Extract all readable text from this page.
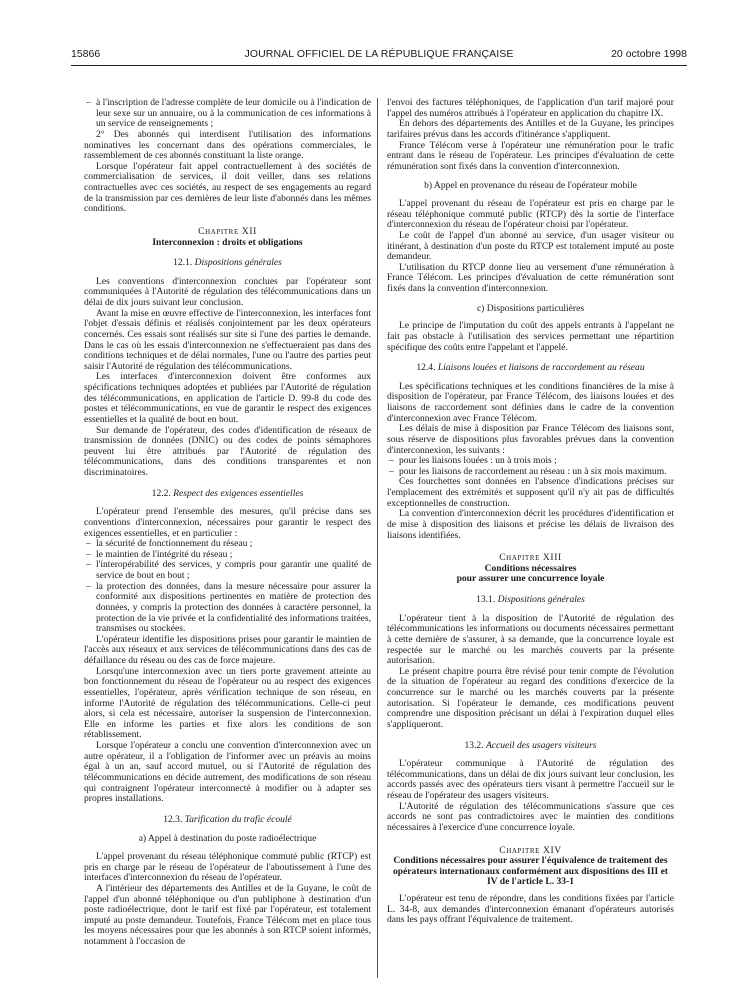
15866	JOURNAL OFFICIEL DE LA RÉPUBLIQUE FRANÇAISE	20 octobre 1998

– à l'inscription de l'adresse complète de leur domicile ou à l'indication de leur sexe sur un annuaire, ou à la communication de ces informations à un service de renseignements ;

2° Des abonnés qui interdisent l'utilisation des informations nominatives les concernant dans des opérations commerciales, le rassemblement de ces abonnés constituant la liste orange.

Lorsque l'opérateur fait appel contractuellement à des sociétés de commercialisation de services, il doit veiller, dans ses relations contractuelles avec ces sociétés, au respect de ses engagements au regard de la transmission par ces dernières de leur liste d'abonnés dans les mêmes conditions.

Chapitre XII

Interconnexion : droits et obligations

12.1. Dispositions générales

Les conventions d'interconnexion conclues par l'opérateur sont communiquées à l'Autorité de régulation des télécommunications dans un délai de dix jours suivant leur conclusion.

Avant la mise en œuvre effective de l'interconnexion, les interfaces font l'objet d'essais définis et réalisés conjointement par les deux opérateurs concernés. Ces essais sont réalisés sur site si l'une des parties le demande. Dans le cas où les essais d'interconnexion ne s'effectueraient pas dans des conditions techniques et de délai normales, l'une ou l'autre des parties peut saisir l'Autorité de régulation des télécommunications.

Les interfaces d'interconnexion doivent être conformes aux spécifications techniques adoptées et publiées par l'Autorité de régulation des télécommunications, en application de l'article D. 99-8 du code des postes et télécommunications, en vue de garantir le respect des exigences essentielles et la qualité de bout en bout.

Sur demande de l'opérateur, des codes d'identification de réseaux de transmission de données (DNIC) ou des codes de points sémaphores peuvent lui être attribués par l'Autorité de régulation des télécommunications, dans des conditions transparentes et non discriminatoires.

12.2. Respect des exigences essentielles

L'opérateur prend l'ensemble des mesures, qu'il précise dans ses conventions d'interconnexion, nécessaires pour garantir le respect des exigences essentielles, et en particulier :

– la sécurité de fonctionnement du réseau ;

– le maintien de l'intégrité du réseau ;

– l'interopérabilité des services, y compris pour garantir une qualité de service de bout en bout ;

– la protection des données, dans la mesure nécessaire pour assurer la conformité aux dispositions pertinentes en matière de protection des données, y compris la protection des données à caractère personnel, la protection de la vie privée et la confidentialité des informations traitées, transmises ou stockées.

L'opérateur identifie les dispositions prises pour garantir le maintien de l'accès aux réseaux et aux services de télécommunications dans des cas de défaillance du réseau ou des cas de force majeure.

Lorsqu'une interconnexion avec un tiers porte gravement atteinte au bon fonctionnement du réseau de l'opérateur ou au respect des exigences essentielles, l'opérateur, après vérification technique de son réseau, en informe l'Autorité de régulation des télécommunications. Celle-ci peut alors, si cela est nécessaire, autoriser la suspension de l'interconnexion. Elle en informe les parties et fixe alors les conditions de son rétablissement.

Lorsque l'opérateur a conclu une convention d'interconnexion avec un autre opérateur, il a l'obligation de l'informer avec un préavis au moins égal à un an, sauf accord mutuel, ou si l'Autorité de régulation des télécommunications en décide autrement, des modifications de son réseau qui contraignent l'opérateur interconnecté à modifier ou à adapter ses propres installations.

12.3. Tarification du trafic écoulé

a) Appel à destination du poste radioélectrique

L'appel provenant du réseau téléphonique commuté public (RTCP) est pris en charge par le réseau de l'opérateur de l'aboutissement à l'une des interfaces d'interconnexion du réseau de l'opérateur.

A l'intérieur des départements des Antilles et de la Guyane, le coût de l'appel d'un abonné téléphonique ou d'un publiphone à destination d'un poste radioélectrique, dont le tarif est fixé par l'opérateur, est totalement imputé au poste demandeur. Toutefois, France Télécom met en place tous les moyens nécessaires pour que les abonnés à son RTCP soient informés, notamment à l'occasion de

l'envoi des factures téléphoniques, de l'application d'un tarif majoré pour l'appel des numéros attribués à l'opérateur en application du chapitre IX.

En dehors des départements des Antilles et de la Guyane, les principes tarifaires prévus dans les accords d'itinérance s'appliquent.

France Télécom verse à l'opérateur une rémunération pour le trafic entrant dans le réseau de l'opérateur. Les principes d'évaluation de cette rémunération sont fixés dans la convention d'interconnexion.

b) Appel en provenance du réseau de l'opérateur mobile

L'appel provenant du réseau de l'opérateur est pris en charge par le réseau téléphonique commuté public (RTCP) dès la sortie de l'interface d'interconnexion du réseau de l'opérateur choisi par l'opérateur.

Le coût de l'appel d'un abonné au service, d'un usager visiteur ou itinérant, à destination d'un poste du RTCP est totalement imputé au poste demandeur.

L'utilisation du RTCP donne lieu au versement d'une rémunération à France Télécom. Les principes d'évaluation de cette rémunération sont fixés dans la convention d'interconnexion.

c) Dispositions particulières

Le principe de l'imputation du coût des appels entrants à l'appelant ne fait pas obstacle à l'utilisation des services permettant une répartition spécifique des coûts entre l'appelant et l'appelé.

12.4. Liaisons louées et liaisons de raccordement au réseau

Les spécifications techniques et les conditions financières de la mise à disposition de l'opérateur, par France Télécom, des liaisons louées et des liaisons de raccordement sont définies dans le cadre de la convention d'interconnexion avec France Télécom.

Les délais de mise à disposition par France Télécom des liaisons sont, sous réserve de dispositions plus favorables prévues dans la convention d'interconnexion, les suivants :

– pour les liaisons louées : un à trois mois ;

– pour les liaisons de raccordement au réseau : un à six mois maximum.

Ces fourchettes sont données en l'absence d'indications précises sur l'emplacement des extrémités et supposent qu'il n'y ait pas de difficultés exceptionnelles de construction.

La convention d'interconnexion décrit les procédures d'identification et de mise à disposition des liaisons et précise les délais de livraison des liaisons identifiées.

Chapitre XIII

Conditions nécessaires

pour assurer une concurrence loyale

13.1. Dispositions générales

L'opérateur tient à la disposition de l'Autorité de régulation des télécommunications les informations ou documents nécessaires permettant à cette dernière de s'assurer, à sa demande, que la concurrence loyale est respectée sur le marché ou les marchés couverts par la présente autorisation.

Le présent chapitre pourra être révisé pour tenir compte de l'évolution de la situation de l'opérateur au regard des conditions d'exercice de la concurrence sur le marché ou les marchés couverts par la présente autorisation. Si l'opérateur le demande, ces modifications peuvent comprendre une disposition précisant un délai à l'expiration duquel elles s'appliqueront.

13.2. Accueil des usagers visiteurs

L'opérateur communique à l'Autorité de régulation des télécommunications, dans un délai de dix jours suivant leur conclusion, les accords passés avec des opérateurs tiers visant à permettre l'accueil sur le réseau de l'opérateur des usagers visiteurs.

L'Autorité de régulation des télécommunications s'assure que ces accords ne sont pas contradictoires avec le maintien des conditions nécessaires à l'exercice d'une concurrence loyale.

Chapitre XIV

Conditions nécessaires pour assurer l'équivalence de traitement des opérateurs internationaux conformément aux dispositions des III et IV de l'article L. 33-1

L'opérateur est tenu de répondre, dans les conditions fixées par l'article L. 34-8, aux demandes d'interconnexion émanant d'opérateurs autorisés dans les pays offrant l'équivalence de traitement.
